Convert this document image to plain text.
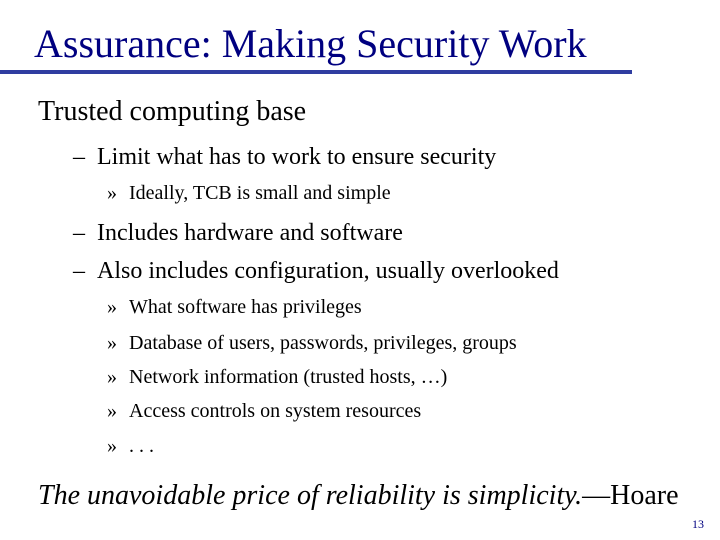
Assurance: Making Security Work
Trusted computing base
– Limit what has to work to ensure security
» Ideally, TCB is small and simple
– Includes hardware and software
– Also includes configuration, usually overlooked
» What software has privileges
» Database of users, passwords, privileges, groups
» Network information (trusted hosts, …)
» Access controls on system resources
» . . .
The unavoidable price of reliability is simplicity.—Hoare
13
